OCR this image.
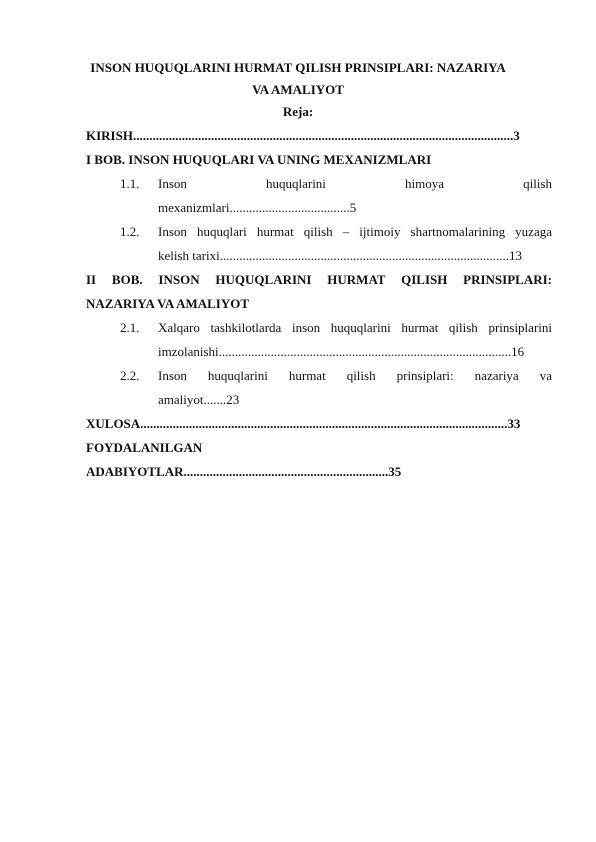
INSON HUQUQLARINI HURMAT QILISH PRINSIPLARI: NAZARIYA
VA AMALIYOT
Reja:
KIRISH.....................................................................................................................3
I BOB. INSON HUQUQLARI VA UNING MEXANIZMLARI
1.1. Inson huquqlarini himoya qilish
mexanizmlari.....................................5
1.2. Inson huquqlari hurmat qilish – ijtimoiy shartnomalarining yuzaga
kelish tarixi.........................................................................................13
II BOB. INSON HUQUQLARINI HURMAT QILISH PRINSIPLARI:
NAZARIYA VA AMALIYOT
2.1. Xalqaro tashkilotlarda inson huquqlarini hurmat qilish prinsiplarini
imzolanishi..........................................................................................16
2.2. Inson huquqlarini hurmat qilish prinsiplari: nazariya va
amaliyot.......23
XULOSA.................................................................................................................33
FOYDALANILGAN
ADABIYOTLAR...............................................................35
